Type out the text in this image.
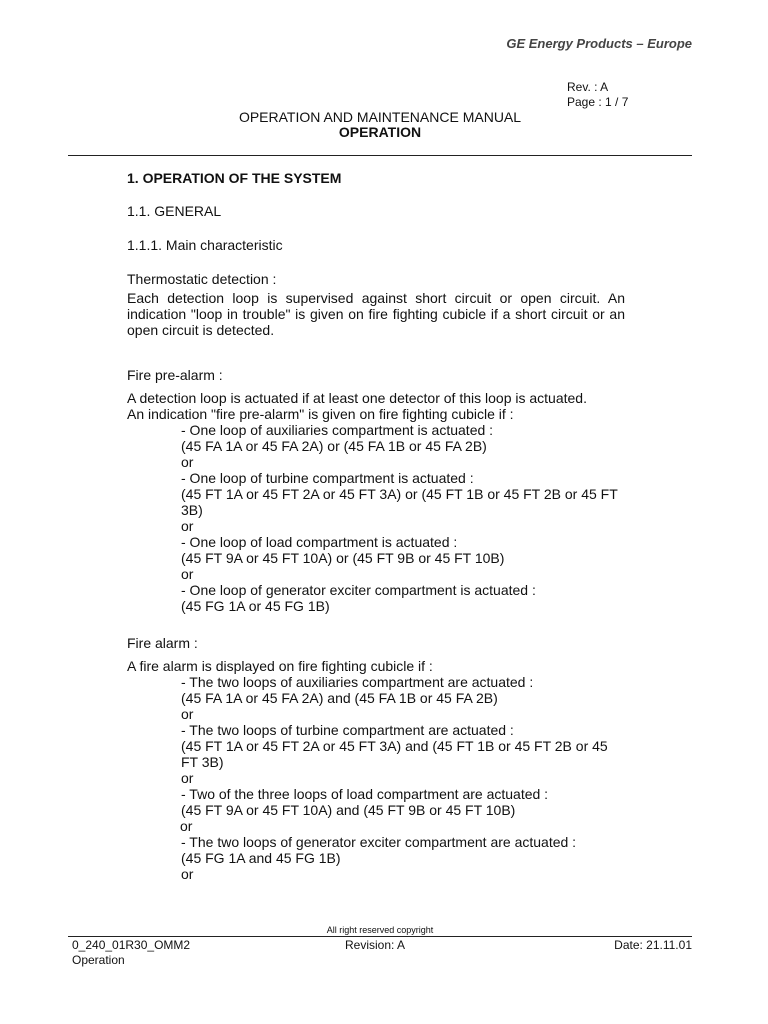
GE Energy Products – Europe
Rev. : A
Page : 1 / 7
OPERATION AND MAINTENANCE MANUAL
OPERATION
1. OPERATION OF THE SYSTEM
1.1. GENERAL
1.1.1. Main characteristic
Thermostatic detection :
Each detection loop is supervised against short circuit or open circuit. An indication "loop in trouble" is given on fire fighting cubicle if a short circuit or an open circuit is detected.
Fire pre-alarm :
A detection loop is actuated if at least one detector of this loop is actuated.
An indication "fire pre-alarm" is given on fire fighting cubicle if :
- One loop of auxiliaries compartment is actuated :
(45 FA 1A or 45 FA 2A) or (45 FA 1B or 45 FA 2B)
or
- One loop of turbine compartment is actuated :
(45 FT 1A or 45 FT 2A or 45 FT 3A) or (45 FT 1B or 45 FT 2B or 45 FT
3B)
or
- One loop of load compartment is actuated :
(45 FT 9A or 45 FT 10A) or (45 FT 9B or 45 FT 10B)
or
- One loop of generator exciter compartment is actuated :
(45 FG 1A or 45 FG 1B)
Fire alarm :
A fire alarm is displayed on fire fighting cubicle if :
- The two loops of auxiliaries compartment are actuated :
(45 FA 1A or 45 FA 2A) and (45 FA 1B or 45 FA 2B)
or
- The two loops of turbine compartment are actuated :
(45 FT 1A or 45 FT 2A or 45 FT 3A) and (45 FT 1B or 45 FT 2B or 45
FT 3B)
or
- Two of the three loops of load compartment are actuated :
(45 FT 9A or 45 FT 10A) and (45 FT 9B or 45 FT 10B)
or
- The two loops of generator exciter compartment are actuated :
(45 FG 1A and 45 FG 1B)
or
All right reserved copyright
0_240_01R30_OMM2
Operation
Revision: A	Date: 21.11.01
